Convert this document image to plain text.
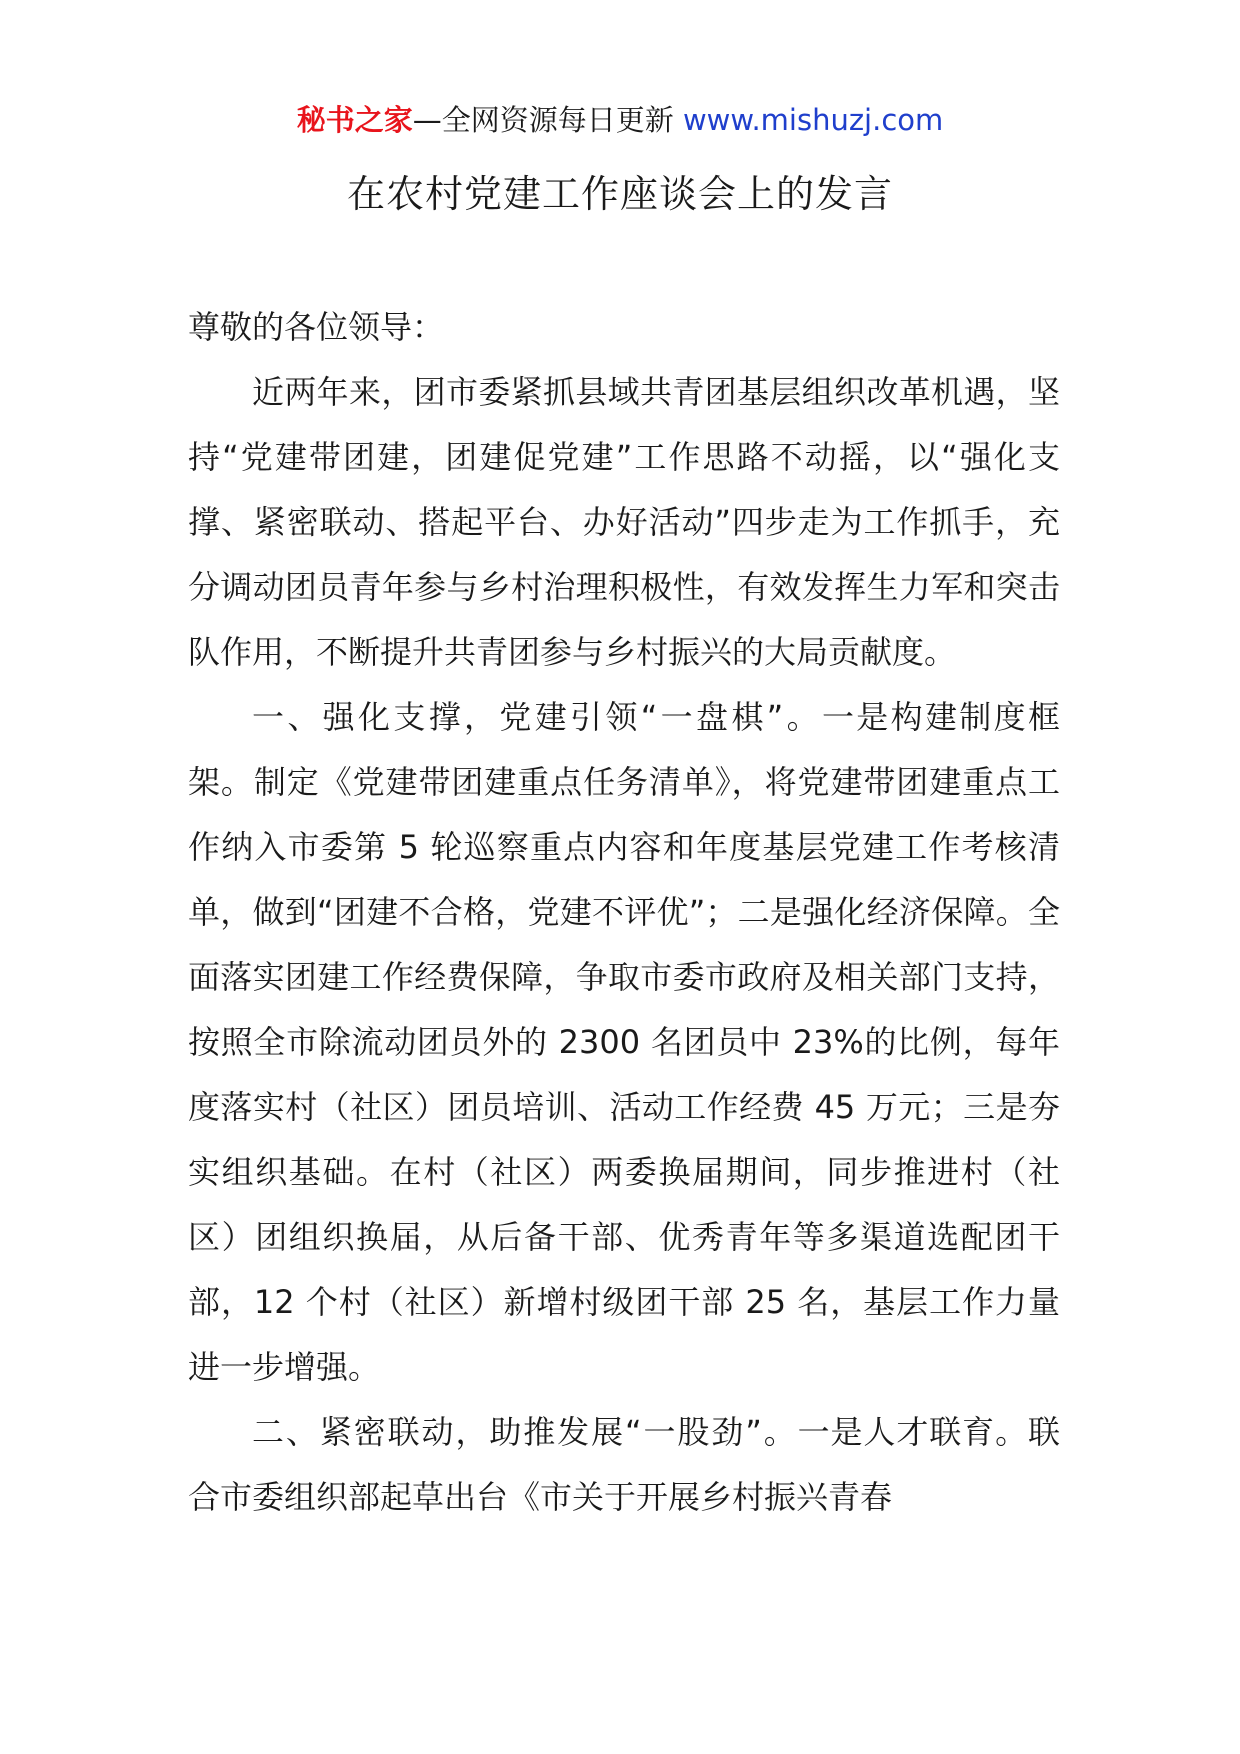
秘书之家—全网资源每日更新 www.mishuzj.com
在农村党建工作座谈会上的发言

尊敬的各位领导：

近两年来，团市委紧抓县域共青团基层组织改革机遇，坚持“党建带团建，团建促党建”工作思路不动摇，以“强化支撑、紧密联动、搭起平台、办好活动”四步走为工作抓手，充分调动团员青年参与乡村治理积极性，有效发挥生力军和突击队作用，不断提升共青团参与乡村振兴的大局贡献度。

一、强化支撑，党建引领“一盘棋”。一是构建制度框架。制定《党建带团建重点任务清单》，将党建带团建重点工作纳入市委第 5 轮巡察重点内容和年度基层党建工作考核清单，做到“团建不合格，党建不评优”；二是强化经济保障。全面落实团建工作经费保障，争取市委市政府及相关部门支持，按照全市除流动团员外的 2300 名团员中 23%的比例，每年度落实村（社区）团员培训、活动工作经费 45 万元；三是夯实组织基础。在村（社区）两委换届期间，同步推进村（社区）团组织换届，从后备干部、优秀青年等多渠道选配团干部，12 个村（社区）新增村级团干部 25 名，基层工作力量进一步增强。

二、紧密联动，助推发展“一股劲”。一是人才联育。联合市委组织部起草出台《市关于开展乡村振兴青春
